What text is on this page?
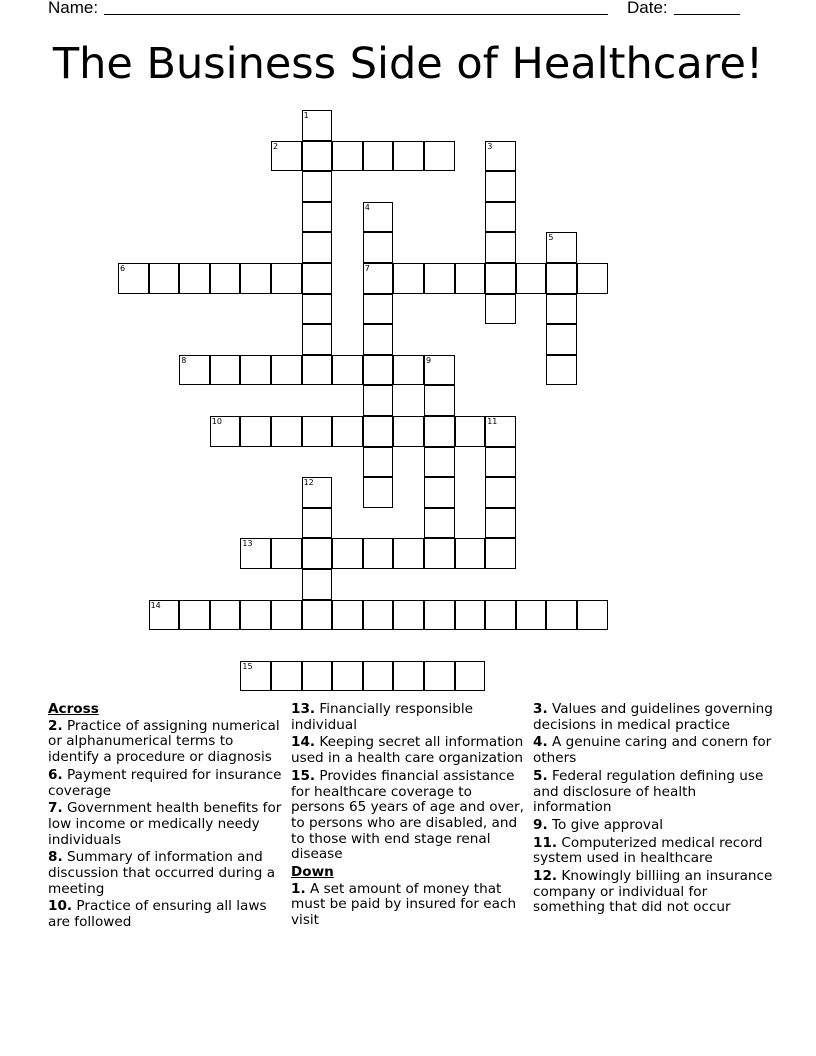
Name:	Date:
The Business Side of Healthcare!
1
2	3
4
7
5
6
8	9
10	11
12
13
14
15
Across
2. Practice of assigning numerical or alphanumerical terms to identify a procedure or diagnosis
6. Payment required for insurance coverage
7. Government health benefits for low income or medically needy individuals
8. Summary of information and discussion that occurred during a meeting
10. Practice of ensuring all laws are followed
13. Financially responsible individual
14. Keeping secret all information used in a health care organization
15. Provides financial assistance for healthcare coverage to persons 65 years of age and over, to persons who are disabled, and to those with end stage renal disease
Down
1. A set amount of money that must be paid by insured for each visit
3. Values and guidelines governing decisions in medical practice
4. A genuine caring and conern for others
5. Federal regulation defining use and disclosure of health information
9. To give approval
11. Computerized medical record system used in healthcare
12. Knowingly billiing an insurance company or individual for something that did not occur
